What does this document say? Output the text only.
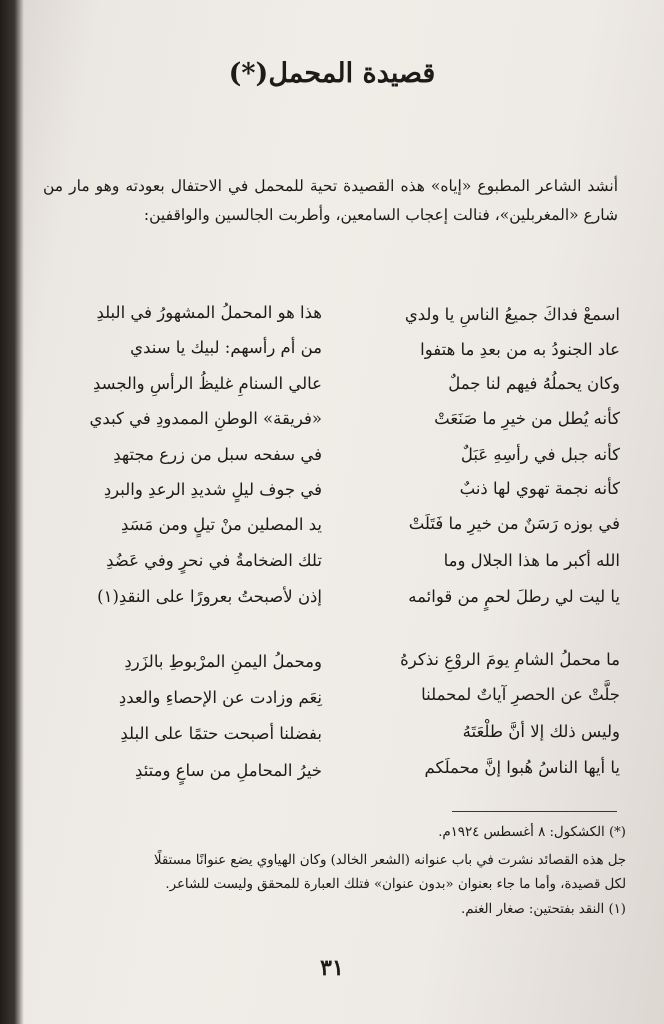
قصيدة المحمل(*)

أنشد الشاعر المطبوع «إياه» هذه القصيدة تحية للمحمل في الاحتفال بعودته وهو مار من شارع «المغربلين»، فنالت إعجاب السامعين، وأطربت الجالسين والواقفين:

اسمعْ فداكَ جميعُ الناسِ يا ولدي
عاد الجنودُ به من بعدِ ما هتفوا
وكان يحملُهُ فيهم لنا جملٌ
كأنه يُطل من خيرِ ما صَنَعَتْ
كأنه جبل في رأسِهِ عَبَلٌ
كأنه نجمة تهوي لها ذنبٌ
في بوزه رَسَنٌ من خيرِ ما فَتَلَتْ
الله أكبر ما هذا الجلال وما
يا ليت لي رطلَ لحمٍ من قوائمه
ما محملُ الشامِ يومَ الروْعِ نذكرهُ
جلَّتْ عن الحصرِ آياتٌ لمحملنا
وليس ذلك إلا أنَّ طلْعَتَهُ
يا أيها الناسُ هُبوا إنَّ محملَكم
هذا هو المحملُ المشهورُ في البلدِ
من أم رأسهم: لبيك يا سندي
عالي السنامِ غليظُ الرأسِ والجسدِ
«فريقة» الوطنِ الممدودِ في كبدي
في سفحه سبل من زرع مجتهدِ
في جوف ليلٍ شديدِ الرعدِ والبردِ
يد المصلين منْ تيلٍ ومن مَسَدِ
تلك الضخامةُ في نحرٍ وفي عَضُدِ
إذن لأصبحتُ بعرورًا على النقدِ(١)
ومحملُ اليمنِ المرْبوطِ بالزَردِ
نِعَم وزادت عن الإحصاءِ والعددِ
بفضلنا أصبحت حتمًا على البلدِ
خيرُ المحاملِ من ساعٍ ومتئدِ
(*) الكشكول: ٨ أغسطس ١٩٢٤م.
جل هذه القصائد نشرت في باب عنوانه (الشعر الخالد) وكان الهياوي يضع عنوانًا مستقلًا
لكل قصيدة، وأما ما جاء بعنوان «بدون عنوان» فتلك العبارة للمحقق وليست للشاعر.
(١) النقد بفتحتين: صغار الغنم.
٣١
